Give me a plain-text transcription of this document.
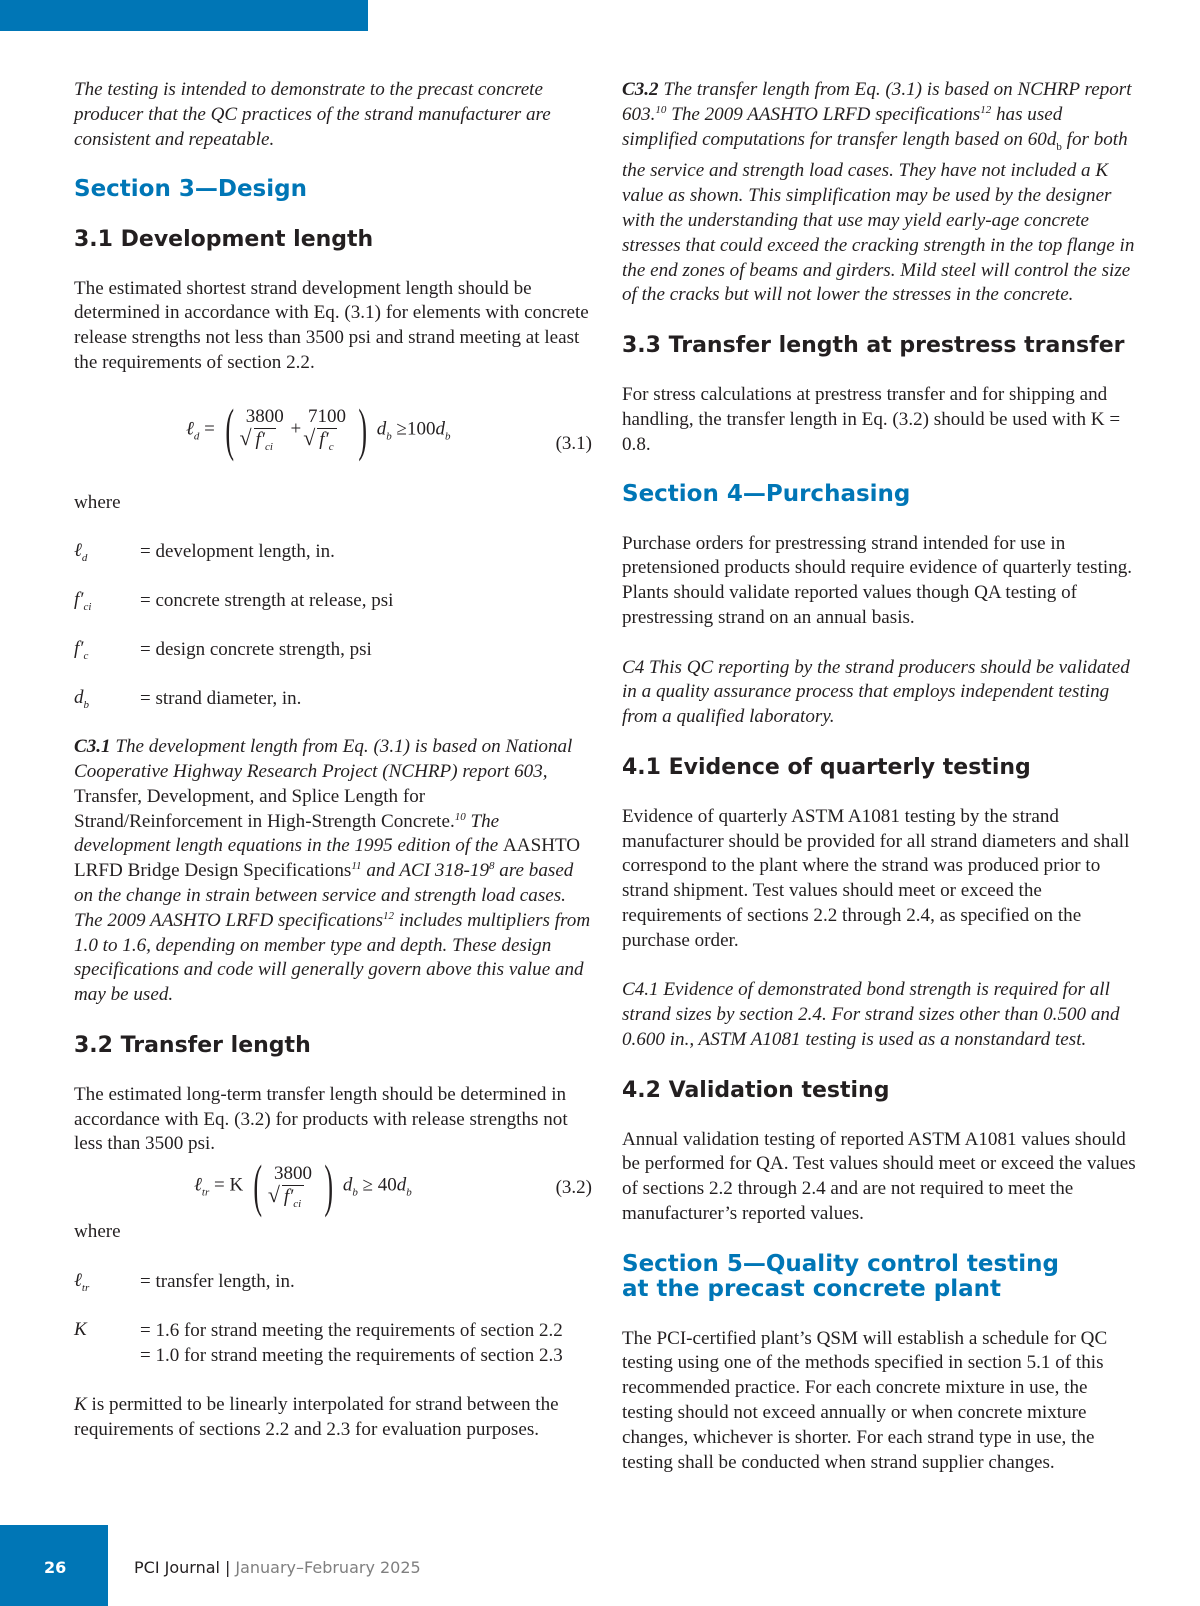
The testing is intended to demonstrate to the precast concrete producer that the QC practices of the strand manufacturer are consistent and repeatable.

Section 3—Design
3.1 Development length

The estimated shortest strand development length should be determined in accordance with Eq. (3.1) for elements with concrete release strengths not less than 3500 psi and strand meeting at least the requirements of section 2.2.

ℓ$_d$ = ( 3800
√ $f'_{ci}$
+
7100
√ $f'_c$ ) $d_b \ge 100d_b$	(3.1)

where

ℓ$_d$	= development length, in.
$f'_{ci}$	= concrete strength at release, psi
$f'_c$	= design concrete strength, psi
$d_b$	= strand diameter, in.

C3.1 The development length from Eq. (3.1) is based on National Cooperative Highway Research Project (NCHRP) report 603, Transfer, Development, and Splice Length for Strand/Reinforcement in High-Strength Concrete.$^{10}$ The development length equations in the 1995 edition of the AASHTO LRFD Bridge Design Specifications$^{11}$ and ACI $318-19^8$ are based on the change in strain between service and strength load cases. The 2009 AASHTO LRFD specifications$^{12}$ includes multipliers from 1.0 to 1.6, depending on member type and depth. These design specifications and code will generally govern above this value and may be used.

3.2 Transfer length

The estimated long-term transfer length should be determined in accordance with Eq. (3.2) for products with release strengths not less than 3500 psi.

ℓ$_{tr}$ = K ( 3800
√ $f'_{ci}$ ) $d_b \ge 40d_b$	(3.2)

where

ℓ$_{tr}$	= transfer length, in.
K	= 1.6 for strand meeting the requirements of section 2.2
= 1.0 for strand meeting the requirements of section 2.3

K is permitted to be linearly interpolated for strand between the requirements of sections 2.2 and 2.3 for evaluation purposes.

C3.2 The transfer length from Eq. (3.1) is based on NCHRP report 603.10 The 2009 AASHTO LRFD specifications$^{12}$ has used simplified computations for transfer length based on $60d_b$ for both the service and strength load cases. They have not included a K value as shown. This simplification may be used by the designer with the understanding that use may yield early-age concrete stresses that could exceed the cracking strength in the top flange in the end zones of beams and girders. Mild steel will control the size of the cracks but will not lower the stresses in the concrete.

3.3 Transfer length at prestress transfer

For stress calculations at prestress transfer and for shipping and handling, the transfer length in Eq. (3.2) should be used with K = 0.8.

Section 4—Purchasing

Purchase orders for prestressing strand intended for use in pretensioned products should require evidence of quarterly testing. Plants should validate reported values though QA testing of prestressing strand on an annual basis.

C4 This QC reporting by the strand producers should be validated in a quality assurance process that employs independent testing from a qualified laboratory.

4.1 Evidence of quarterly testing

Evidence of quarterly ASTM A1081 testing by the strand manufacturer should be provided for all strand diameters and shall correspond to the plant where the strand was produced prior to strand shipment. Test values should meet or exceed the requirements of sections 2.2 through 2.4, as specified on the purchase order.

C4.1 Evidence of demonstrated bond strength is required for all strand sizes by section 2.4. For strand sizes other than 0.500 and 0.600 in., ASTM A1081 testing is used as a nonstandard test.

4.2 Validation testing

Annual validation testing of reported ASTM A1081 values should be performed for QA. Test values should meet or exceed the values of sections 2.2 through 2.4 and are not required to meet the manufacturer’s reported values.

Section 5—Quality control testing
at the precast concrete plant

The PCI-certified plant’s QSM will establish a schedule for QC testing using one of the methods specified in section 5.1 of this recommended practice. For each concrete mixture in use, the testing should not exceed annually or when concrete mixture changes, whichever is shorter. For each strand type in use, the testing shall be conducted when strand supplier changes.

26	PCI Journal | January–February 2025
